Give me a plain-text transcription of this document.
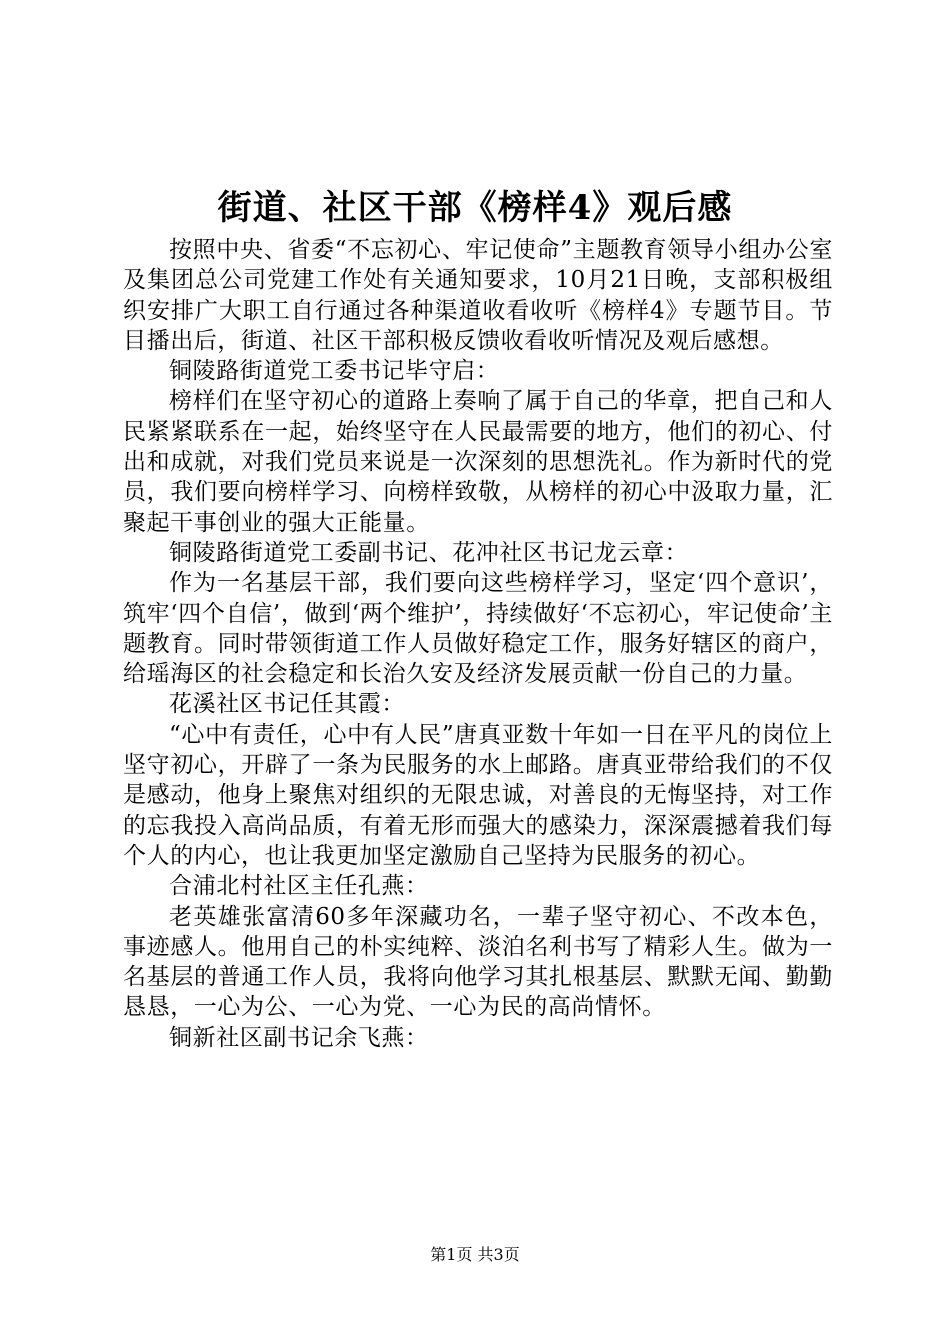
街道、社区干部《榜样4》观后感

按照中央、省委“不忘初心、牢记使命”主题教育领导小组办公室及集团总公司党建工作处有关通知要求，10月21日晚，支部积极组织安排广大职工自行通过各种渠道收看收听《榜样4》专题节目。节目播出后，街道、社区干部积极反馈收看收听情况及观后感想。

铜陵路街道党工委书记毕守启：

榜样们在坚守初心的道路上奏响了属于自己的华章，把自己和人民紧紧联系在一起，始终坚守在人民最需要的地方，他们的初心、付出和成就，对我们党员来说是一次深刻的思想洗礼。作为新时代的党员，我们要向榜样学习、向榜样致敬，从榜样的初心中汲取力量，汇聚起干事创业的强大正能量。

铜陵路街道党工委副书记、花冲社区书记龙云章：

作为一名基层干部，我们要向这些榜样学习，坚定‘四个意识’，筑牢‘四个自信’，做到‘两个维护’，持续做好‘不忘初心，牢记使命’主题教育。同时带领街道工作人员做好稳定工作，服务好辖区的商户，给瑶海区的社会稳定和长治久安及经济发展贡献一份自己的力量。

花溪社区书记任其霞：

“心中有责任，心中有人民”唐真亚数十年如一日在平凡的岗位上坚守初心，开辟了一条为民服务的水上邮路。唐真亚带给我们的不仅是感动，他身上聚焦对组织的无限忠诚，对善良的无悔坚持，对工作的忘我投入高尚品质，有着无形而强大的感染力，深深震撼着我们每个人的内心，也让我更加坚定激励自己坚持为民服务的初心。

合浦北村社区主任孔燕：

老英雄张富清60多年深藏功名，一辈子坚守初心、不改本色，事迹感人。他用自己的朴实纯粹、淡泊名利书写了精彩人生。做为一名基层的普通工作人员，我将向他学习其扎根基层、默默无闻、勤勤恳恳，一心为公、一心为党、一心为民的高尚情怀。

铜新社区副书记余飞燕：

第1页 共3页
